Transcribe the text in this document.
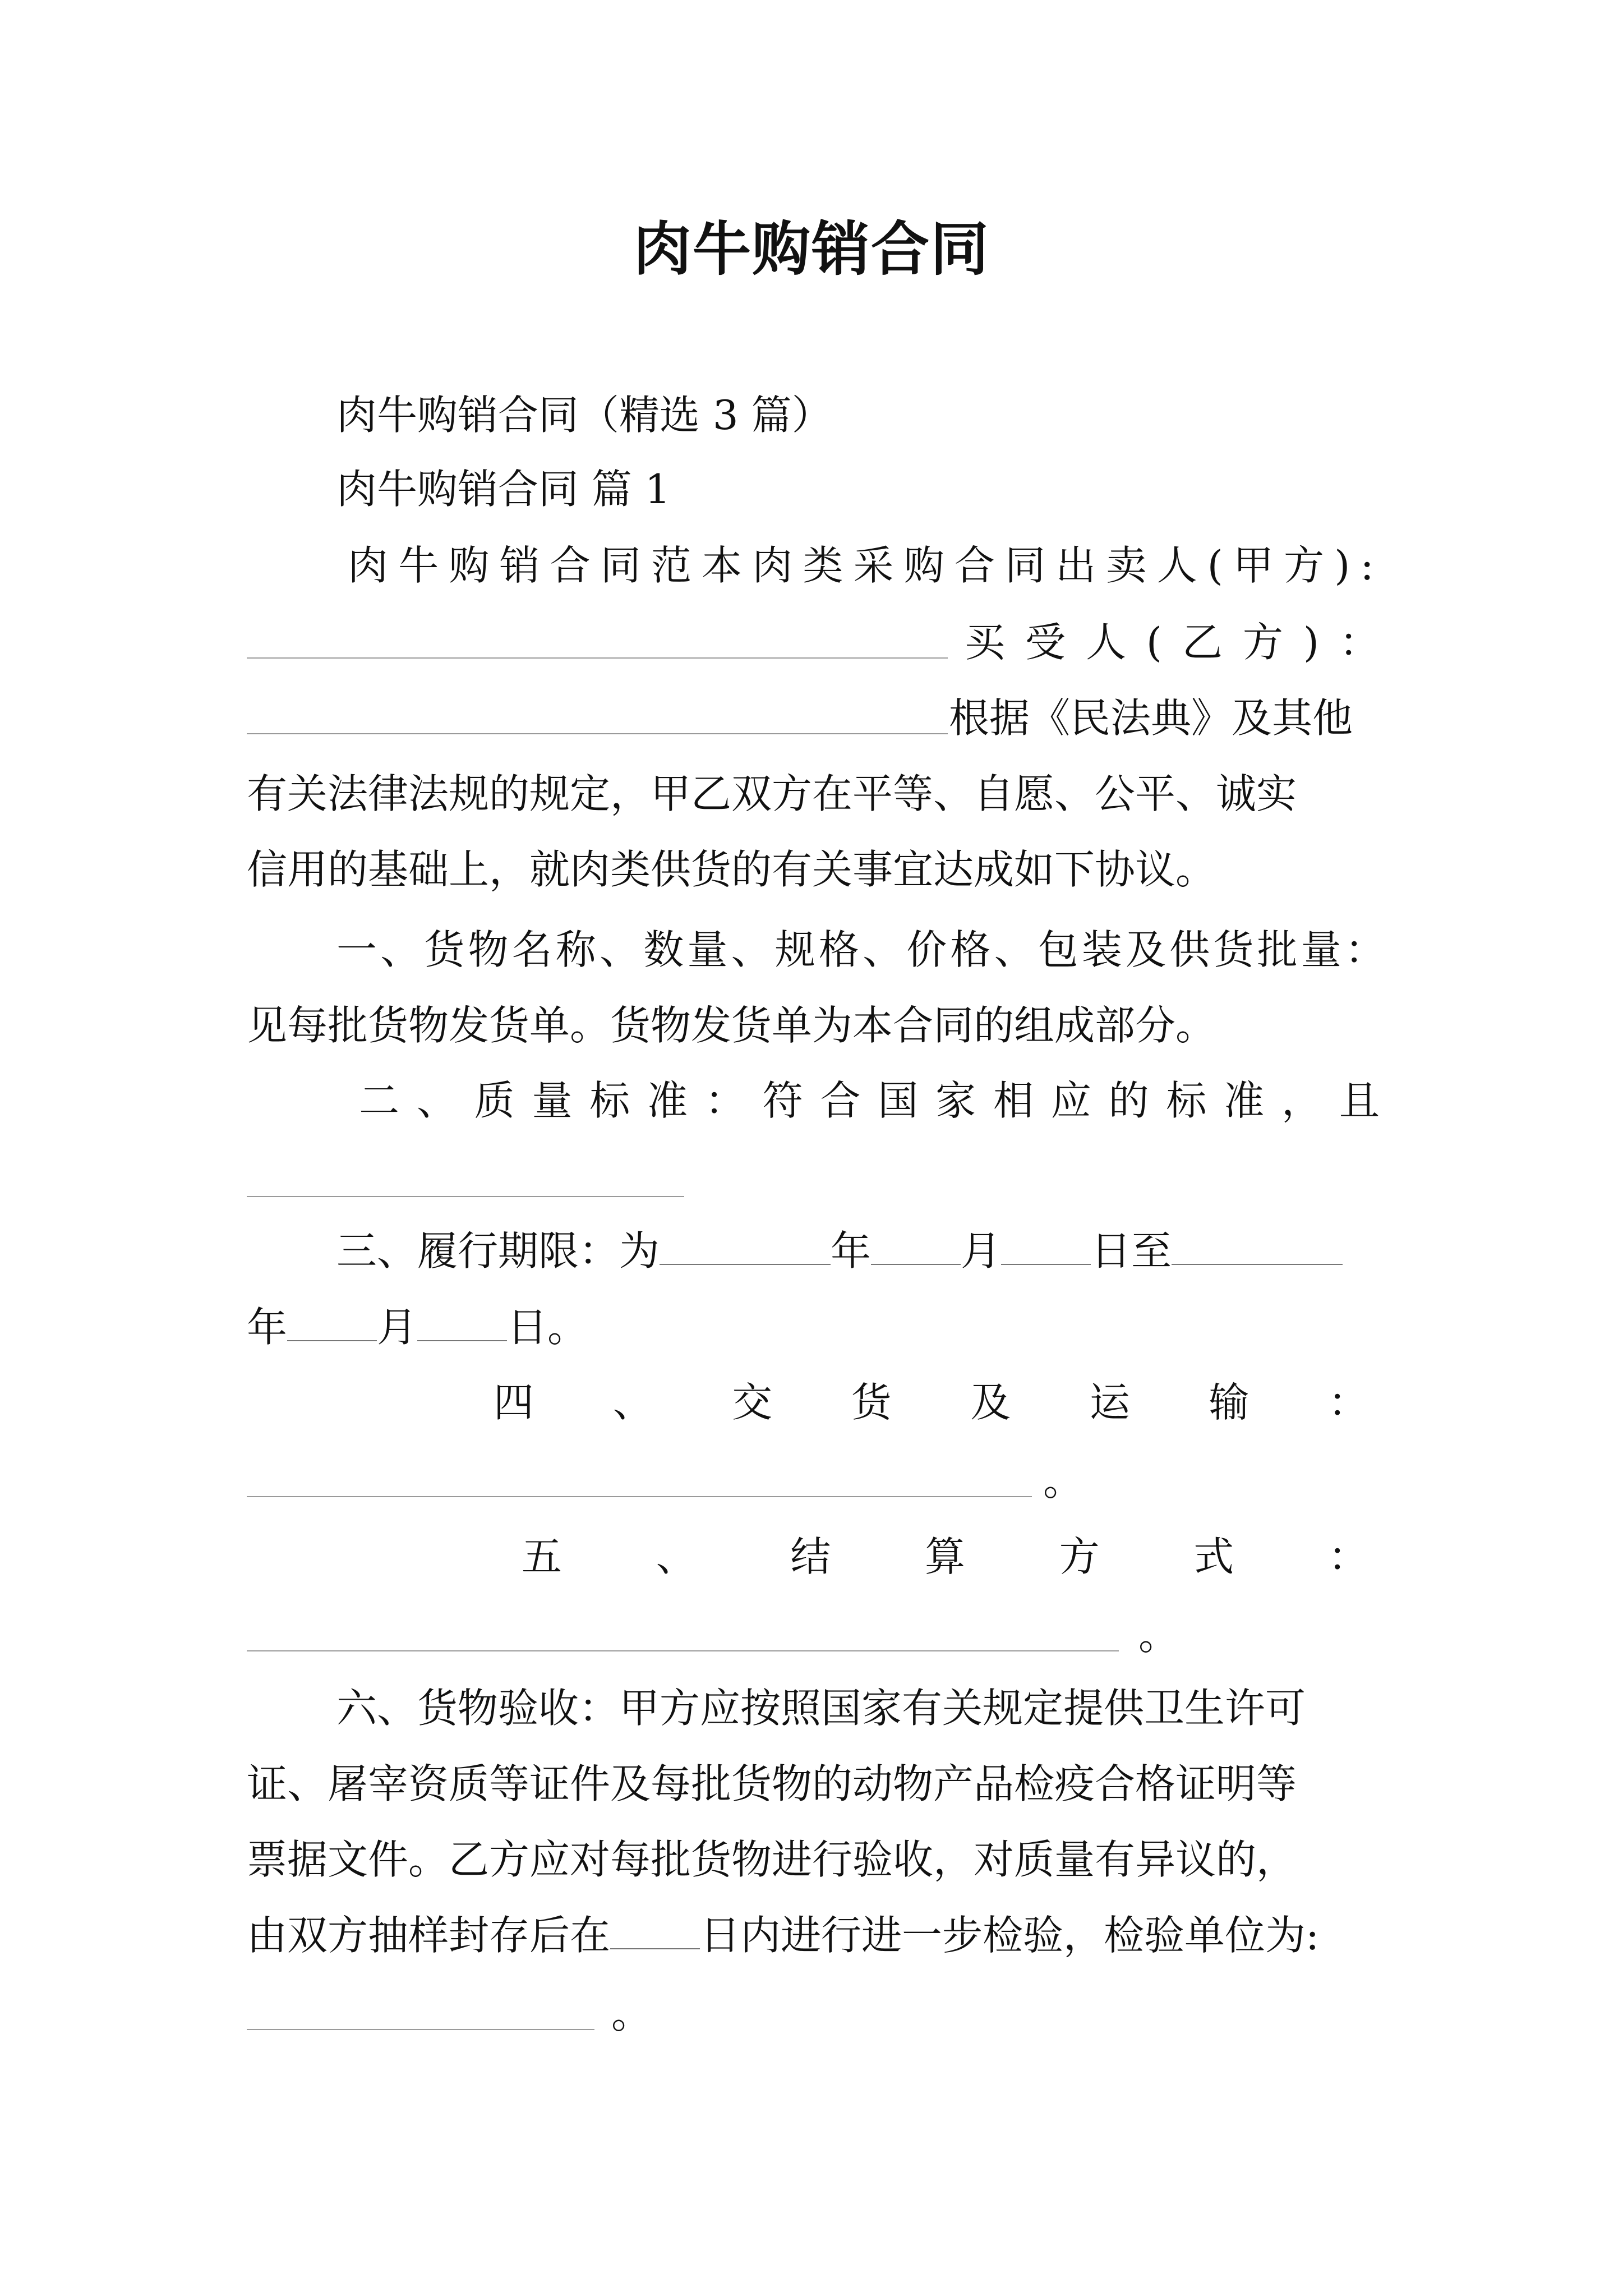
肉牛购销合同
肉牛购销合同（精选 3 篇）
肉牛购销合同 篇 1
肉 牛 购 销 合 同 范 本 肉 类 采 购 合 同 出 卖 人 ( 甲 方 ) :
买 受 人 ( 乙 方 ) ：
根据《民法典》及其他
有关法律法规的规定，甲乙双方在平等、自愿、公平、诚实
信用的基础上，就肉类供货的有关事宜达成如下协议。
一 、 货 物 名 称 、 数 量 、 规 格 、 价 格 、 包 装 及 供 货 批 量 ：
见每批货物发货单。货物发货单为本合同的组成部分。
二 、 质 量 标 准 ： 符 合 国 家 相 应 的 标 准 ， 且
三、履行期限：为	年 月 日至
年 月 日。
四 、 交 货 及 运 输 ：
。
五 、 结 算 方 式 ：
。
六、货物验收：甲方应按照国家有关规定提供卫生许可
证、屠宰资质等证件及每批货物的动物产品检疫合格证明等
票据文件。乙方应对每批货物进行验收，对质量有异议的，
由双方抽样封存后在 日内进行进一步检验，检验单位为:
。
